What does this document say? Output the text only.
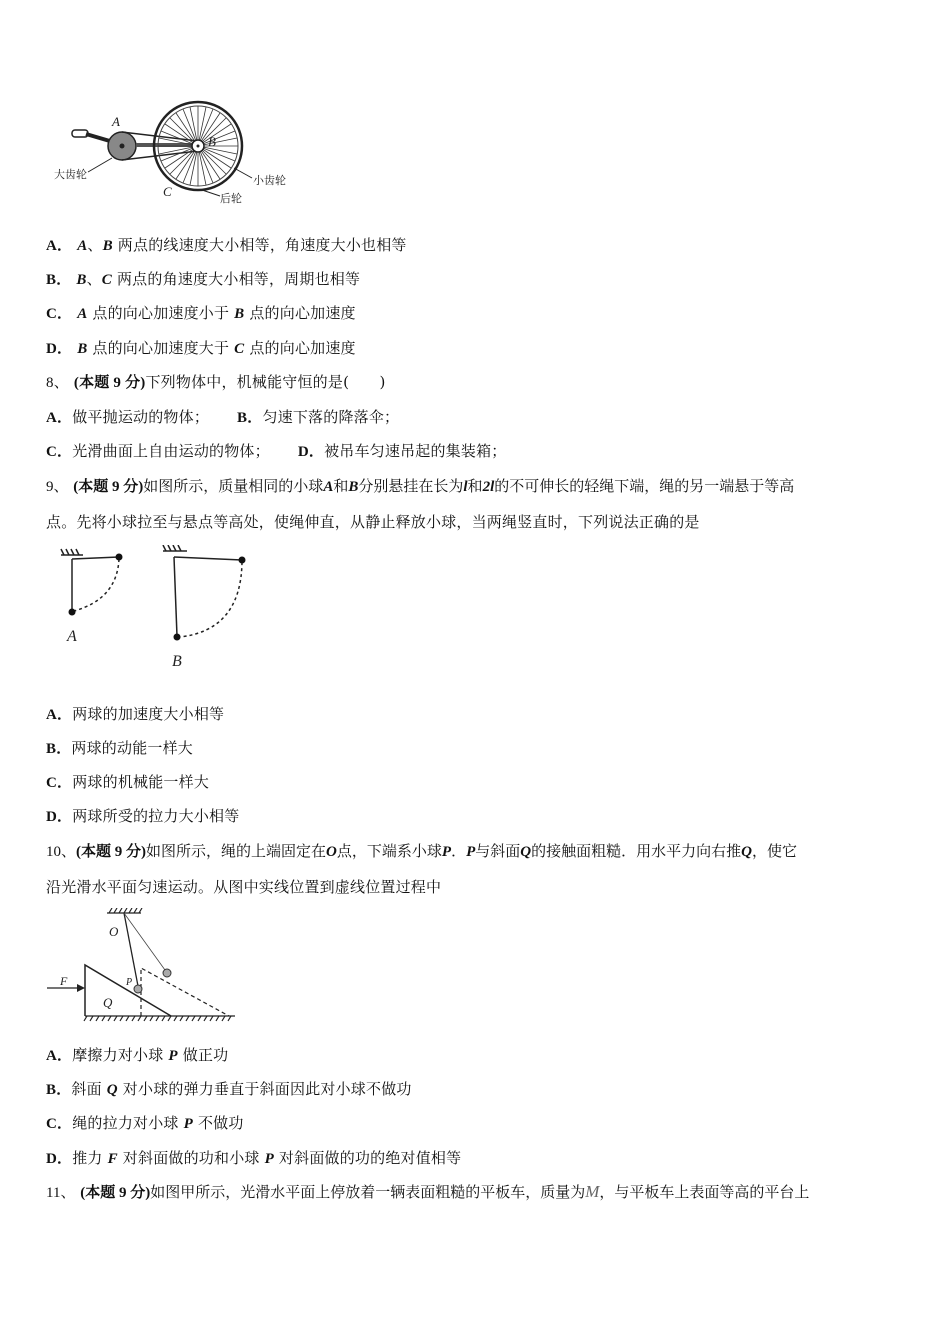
A
B
C
大齿轮	小齿轮
后轮
A． A、B 两点的线速度大小相等，角速度大小也相等
B． B、C 两点的角速度大小相等，周期也相等
C． A 点的向心加速度小于 B 点的向心加速度
D． B 点的向心加速度大于 C 点的向心加速度
8、 (本题 9 分)下列物体中，机械能守恒的是(　　)
A．做平抛运动的物体； B．匀速下落的降落伞；
C．光滑曲面上自由运动的物体； D．被吊车匀速吊起的集装箱；
9、 (本题 9 分)如图所示，质量相同的小球A和B分别悬挂在长为l和2l的不可伸长的轻绳下端，绳的另一端悬于等高
点。先将小球拉至与悬点等高处，使绳伸直，从静止释放小球，当两绳竖直时，下列说法正确的是
A
B
A．两球的加速度大小相等
B．两球的动能一样大
C．两球的机械能一样大
D．两球所受的拉力大小相等
10、(本题 9 分)如图所示，绳的上端固定在O点，下端系小球P．P与斜面Q的接触面粗糙．用水平力向右推Q，使它
沿光滑水平面匀速运动。从图中实线位置到虚线位置过程中
O
F	P
Q
A．摩擦力对小球 P 做正功
B．斜面 Q 对小球的弹力垂直于斜面因此对小球不做功
C．绳的拉力对小球 P 不做功
D．推力 F 对斜面做的功和小球 P 对斜面做的功的绝对值相等
11、 (本题 9 分)如图甲所示，光滑水平面上停放着一辆表面粗糙的平板车，质量为M，与平板车上表面等高的平台上
